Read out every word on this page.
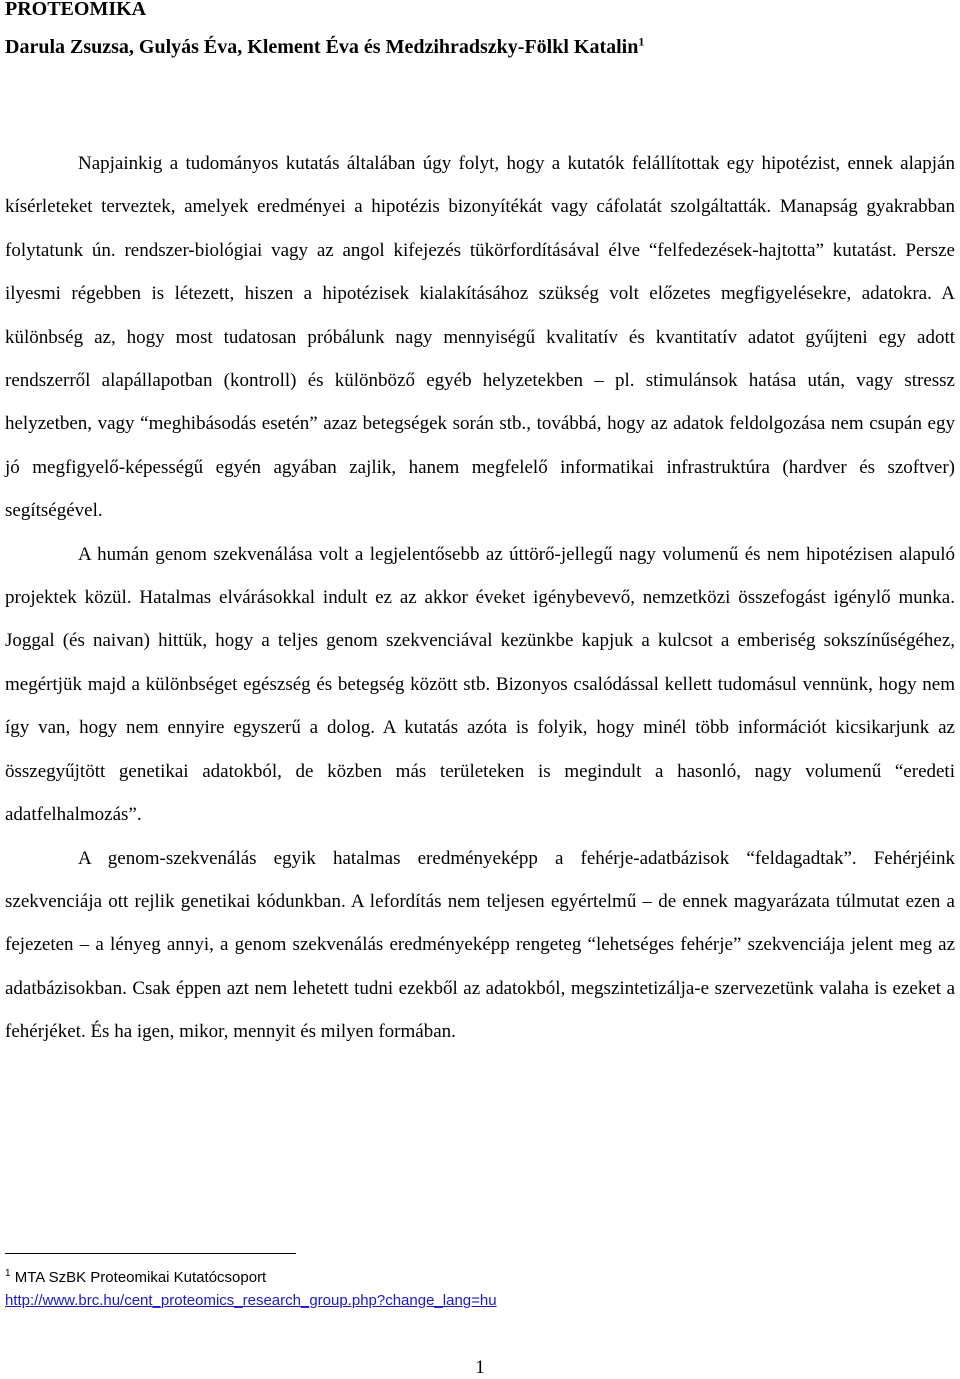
PROTEOMIKA
Darula Zsuzsa, Gulyás Éva, Klement Éva és Medzihradszky-Fölkl Katalin$^1$

Napjainkig a tudományos kutatás általában úgy folyt, hogy a kutatók felállítottak egy hipotézist, ennek alapján kísérleteket terveztek, amelyek eredményei a hipotézis bizonyítékát vagy cáfolatát szolgáltatták. Manapság gyakrabban folytatunk ún. rendszer-biológiai vagy az angol kifejezés tükörfordításával élve “felfedezések-hajtotta” kutatást. Persze ilyesmi régebben is létezett, hiszen a hipotézisek kialakításához szükség volt előzetes megfigyelésekre, adatokra. A különbség az, hogy most tudatosan próbálunk nagy mennyiségű kvalitatív és kvantitatív adatot gyűjteni egy adott rendszerről alapállapotban (kontroll) és különböző egyéb helyzetekben – pl. stimulánsok hatása után, vagy stressz helyzetben, vagy “meghibásodás esetén” azaz betegségek során stb., továbbá, hogy az adatok feldolgozása nem csupán egy jó megfigyelő-képességű egyén agyában zajlik, hanem megfelelő informatikai infrastruktúra (hardver és szoftver) segítségével.

A humán genom szekvenálása volt a legjelentősebb az úttörő-jellegű nagy volumenű és nem hipotézisen alapuló projektek közül. Hatalmas elvárásokkal indult ez az akkor éveket igénybevevő, nemzetközi összefogást igénylő munka. Joggal (és naivan) hittük, hogy a teljes genom szekvenciával kezünkbe kapjuk a kulcsot a emberiség sokszínűségéhez, megértjük majd a különbséget egészség és betegség között stb. Bizonyos csalódással kellett tudomásul vennünk, hogy nem így van, hogy nem ennyire egyszerű a dolog. A kutatás azóta is folyik, hogy minél több információt kicsikarjunk az összegyűjtött genetikai adatokból, de közben más területeken is megindult a hasonló, nagy volumenű “eredeti adatfelhalmozás”.

A genom-szekvenálás egyik hatalmas eredményeképp a fehérje-adatbázisok “feldagadtak”. Fehérjéink szekvenciája ott rejlik genetikai kódunkban. A lefordítás nem teljesen egyértelmű – de ennek magyarázata túlmutat ezen a fejezeten – a lényeg annyi, a genom szekvenálás eredményeképp rengeteg “lehetséges fehérje” szekvenciája jelent meg az adatbázisokban. Csak éppen azt nem lehetett tudni ezekből az adatokból, megszintetizálja-e szervezetünk valaha is ezeket a fehérjéket. És ha igen, mikor, mennyit és milyen formában.

$^1$ MTA SzBK Proteomikai Kutatócsoport
http://www.brc.hu/cent_proteomics_research_group.php?change_lang=hu
1
